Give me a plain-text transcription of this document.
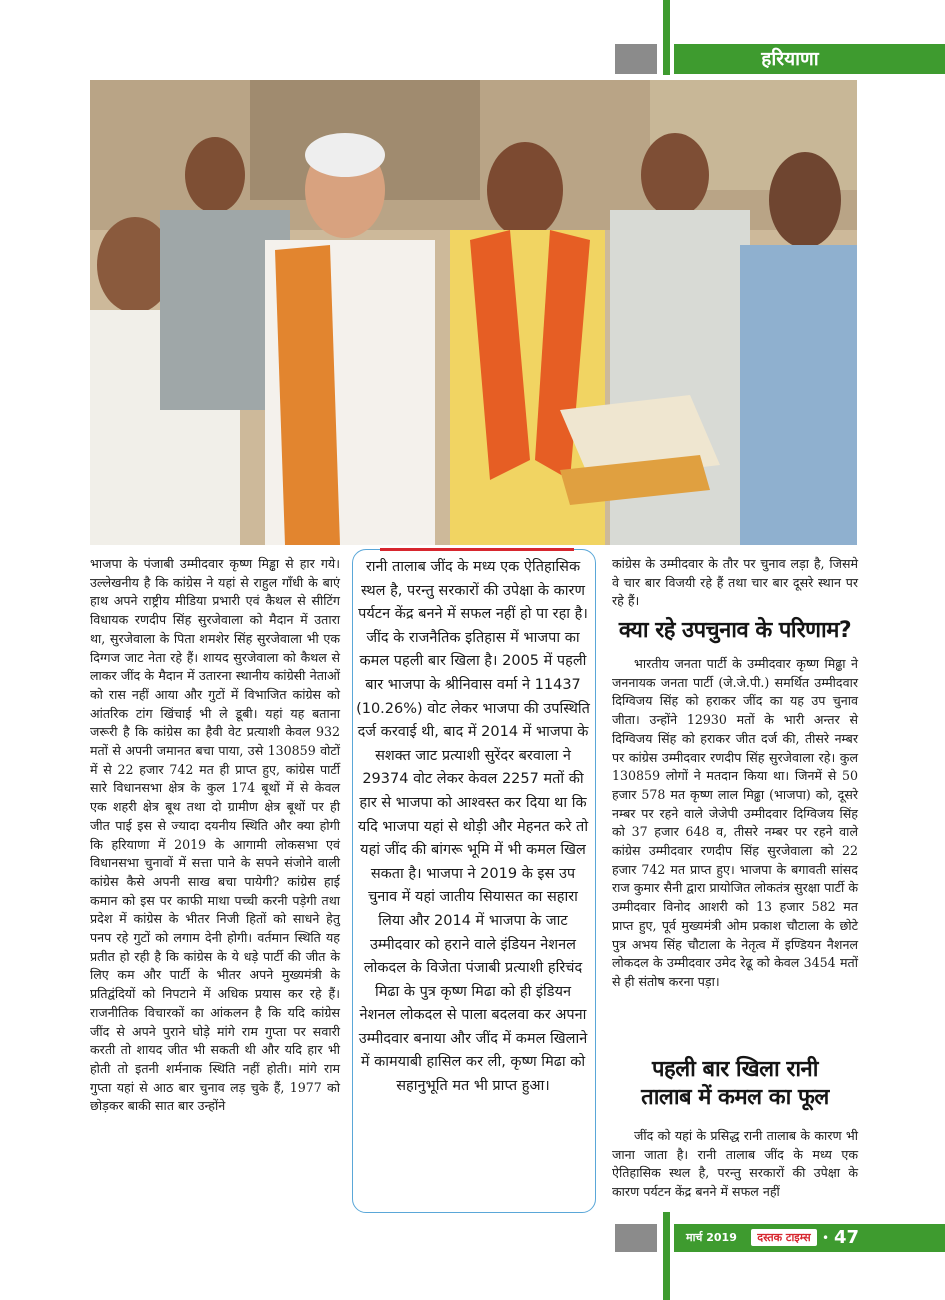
हरियाणा

भाजपा के पंजाबी उम्मीदवार कृष्ण मिड्ढा से हार गये। उल्लेखनीय है कि कांग्रेस ने यहां से राहुल गाँधी के बाएं हाथ अपने राष्ट्रीय मीडिया प्रभारी एवं कैथल से सीटिंग विधायक रणदीप सिंह सुरजेवाला को मैदान में उतारा था, सुरजेवाला के पिता शमशेर सिंह सुरजेवाला भी एक दिग्गज जाट नेता रहे हैं। शायद सुरजेवाला को कैथल से लाकर जींद के मैदान में उतारना स्थानीय कांग्रेसी नेताओं को रास नहीं आया और गुटों में विभाजित कांग्रेस को आंतरिक टांग खिंचाई भी ले डूबी। यहां यह बताना जरूरी है कि कांग्रेस का हैवी वेट प्रत्याशी केवल 932 मतों से अपनी जमानत बचा पाया, उसे 130859 वोटों में से 22 हजार 742 मत ही प्राप्त हुए, कांग्रेस पार्टी सारे विधानसभा क्षेत्र के कुल 174 बूथों में से केवल एक शहरी क्षेत्र बूथ तथा दो ग्रामीण क्षेत्र बूथों पर ही जीत पाई इस से ज्यादा दयनीय स्थिति और क्या होगी कि हरियाणा में 2019 के आगामी लोकसभा एवं विधानसभा चुनावों में सत्ता पाने के सपने संजोने वाली कांग्रेस कैसे अपनी साख बचा पायेगी? कांग्रेस हाई कमान को इस पर काफी माथा पच्ची करनी पड़ेगी तथा प्रदेश में कांग्रेस के भीतर निजी हितों को साधने हेतु पनप रहे गुटों को लगाम देनी होगी। वर्तमान स्थिति यह प्रतीत हो रही है कि कांग्रेस के ये धड़े पार्टी की जीत के लिए कम और पार्टी के भीतर अपने मुख्यमंत्री के प्रतिद्वंदियों को निपटाने में अधिक प्रयास कर रहे हैं। राजनीतिक विचारकों का आंकलन है कि यदि कांग्रेस जींद से अपने पुराने घोड़े मांगे राम गुप्ता पर सवारी करती तो शायद जीत भी सकती थी और यदि हार भी होती तो इतनी शर्मनाक स्थिति नहीं होती। मांगे राम गुप्ता यहां से आठ बार चुनाव लड़ चुके हैं, 1977 को छोड़कर बाकी सात बार उन्होंने

रानी तालाब जींद के मध्य एक ऐतिहासिक स्थल है, परन्तु सरकारों की उपेक्षा के कारण पर्यटन केंद्र बनने में सफल नहीं हो पा रहा है। जींद के राजनैतिक इतिहास में भाजपा का कमल पहली बार खिला है। 2005 में पहली बार भाजपा के श्रीनिवास वर्मा ने 11437 (10.26%) वोट लेकर भाजपा की उपस्थिति दर्ज करवाई थी, बाद में 2014 में भाजपा के सशक्त जाट प्रत्याशी सुरेंदर बरवाला ने 29374 वोट लेकर केवल 2257 मतों की हार से भाजपा को आश्वस्त कर दिया था कि यदि भाजपा यहां से थोड़ी और मेहनत करे तो यहां जींद की बांगरू भूमि में भी कमल खिल सकता है। भाजपा ने 2019 के इस उप चुनाव में यहां जातीय सियासत का सहारा लिया और 2014 में भाजपा के जाट उम्मीदवार को हराने वाले इंडियन नेशनल लोकदल के विजेता पंजाबी प्रत्याशी हरिचंद मिढा के पुत्र कृष्ण मिढा को ही इंडियन नेशनल लोकदल से पाला बदलवा कर अपना उम्मीदवार बनाया और जींद में कमल खिलाने में कामयाबी हासिल कर ली, कृष्ण मिढा को सहानुभूति मत भी प्राप्त हुआ।

कांग्रेस के उम्मीदवार के तौर पर चुनाव लड़ा है, जिसमे वे चार बार विजयी रहे हैं तथा चार बार दूसरे स्थान पर रहे हैं।

क्या रहे उपचुनाव के परिणाम?

भारतीय जनता पार्टी के उम्मीदवार कृष्ण मिढ्ढा ने जननायक जनता पार्टी (जे.जे.पी.) समर्थित उम्मीदवार दिग्विजय सिंह को हराकर जींद का यह उप चुनाव जीता। उन्होंने 12930 मतों के भारी अन्तर से दिग्विजय सिंह को हराकर जीत दर्ज की, तीसरे नम्बर पर कांग्रेस उम्मीदवार रणदीप सिंह सुरजेवाला रहे। कुल 130859 लोगों ने मतदान किया था। जिनमें से 50 हजार 578 मत कृष्ण लाल मिढ्ढा (भाजपा) को, दूसरे नम्बर पर रहने वाले जेजेपी उम्मीदवार दिग्विजय सिंह को 37 हजार 648 व, तीसरे नम्बर पर रहने वाले कांग्रेस उम्मीदवार रणदीप सिंह सुरजेवाला को 22 हजार 742 मत प्राप्त हुए। भाजपा के बगावती सांसद राज कुमार सैनी द्वारा प्रायोजित लोकतंत्र सुरक्षा पार्टी के उम्मीदवार विनोद आशरी को 13 हजार 582 मत प्राप्त हुए, पूर्व मुख्यमंत्री ओम प्रकाश चौटाला के छोटे पुत्र अभय सिंह चौटाला के नेतृत्व में इण्डियन नैशनल लोकदल के उम्मीदवार उमेद रेढू को केवल 3454 मतों से ही संतोष करना पड़ा।

पहली बार खिला रानी
तालाब में कमल का फूल

जींद को यहां के प्रसिद्ध रानी तालाब के कारण भी जाना जाता है। रानी तालाब जींद के मध्य एक ऐतिहासिक स्थल है, परन्तु सरकारों की उपेक्षा के कारण पर्यटन केंद्र बनने में सफल नहीं

मार्च 2019	दस्तक टाइम्स • 47
